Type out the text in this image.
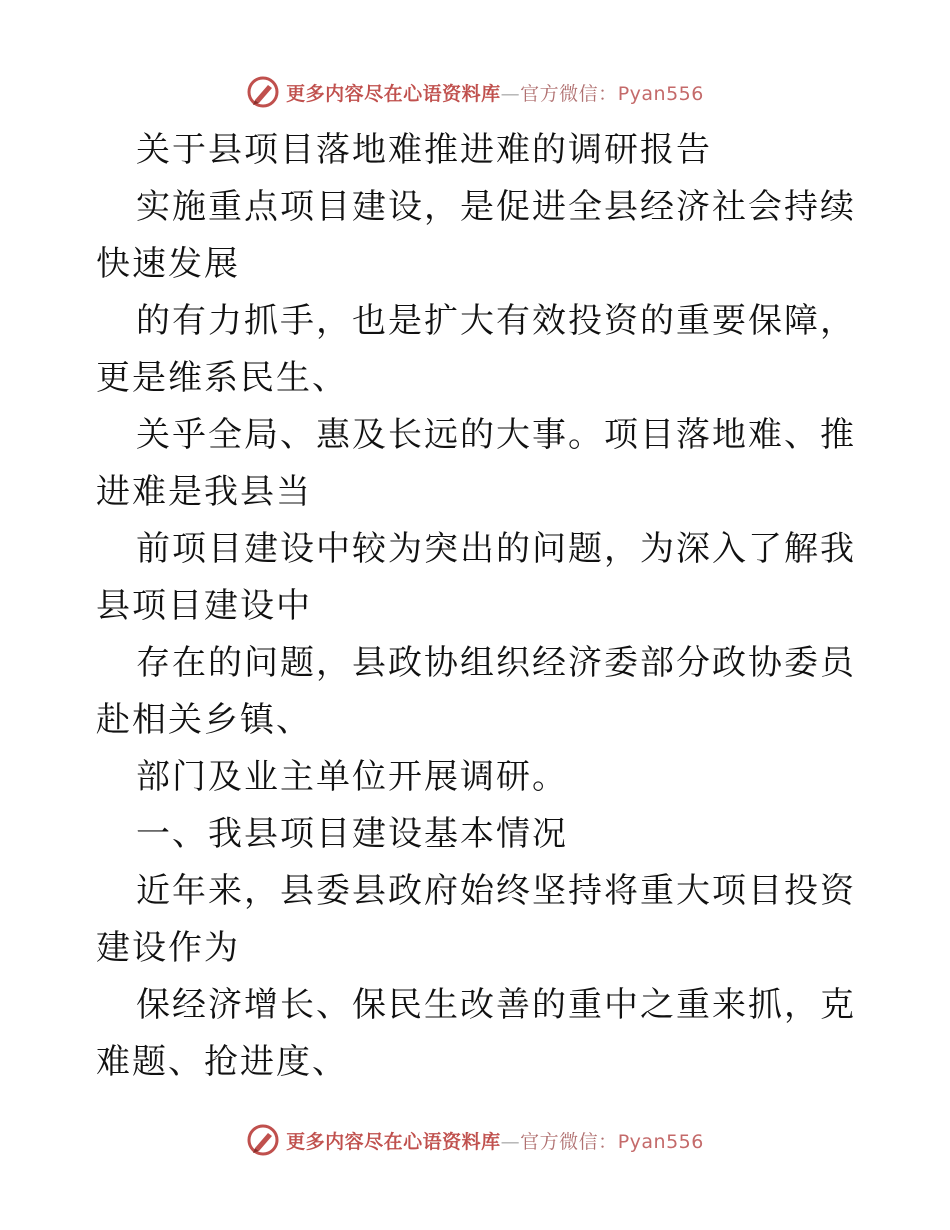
更多内容尽在心语资料库—官方微信：Pyan556

关于县项目落地难推进难的调研报告

实施重点项目建设，是促进全县经济社会持续快速发展

的有力抓手，也是扩大有效投资的重要保障，更是维系民生、

关乎全局、惠及长远的大事。项目落地难、推进难是我县当

前项目建设中较为突出的问题，为深入了解我县项目建设中

存在的问题，县政协组织经济委部分政协委员赴相关乡镇、

部门及业主单位开展调研。

一、我县项目建设基本情况

近年来，县委县政府始终坚持将重大项目投资建设作为

保经济增长、保民生改善的重中之重来抓，克难题、抢进度、

更多内容尽在心语资料库—官方微信：Pyan556
